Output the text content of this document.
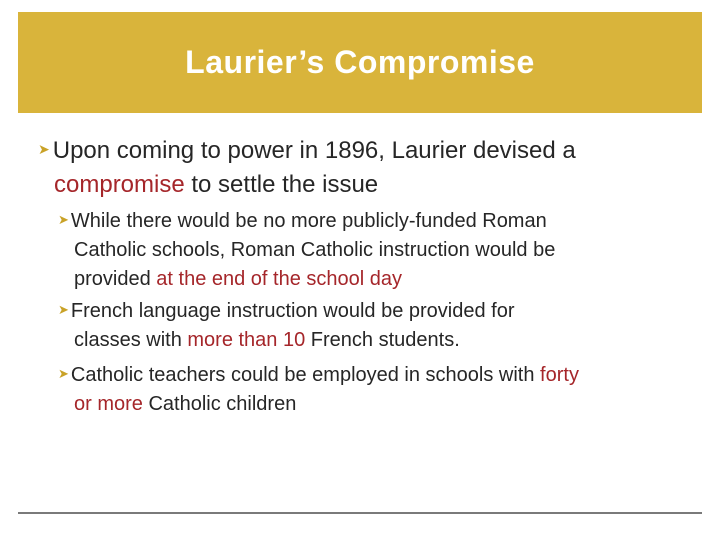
Laurier’s Compromise
➤ Upon coming to power in 1896, Laurier devised a
compromise to settle the issue
➤ While there would be no more publicly-funded Roman
Catholic schools, Roman Catholic instruction would be
provided at the end of the school day
➤ French language instruction would be provided for
classes with more than 10 French students.
➤ Catholic teachers could be employed in schools with forty
or more Catholic children
